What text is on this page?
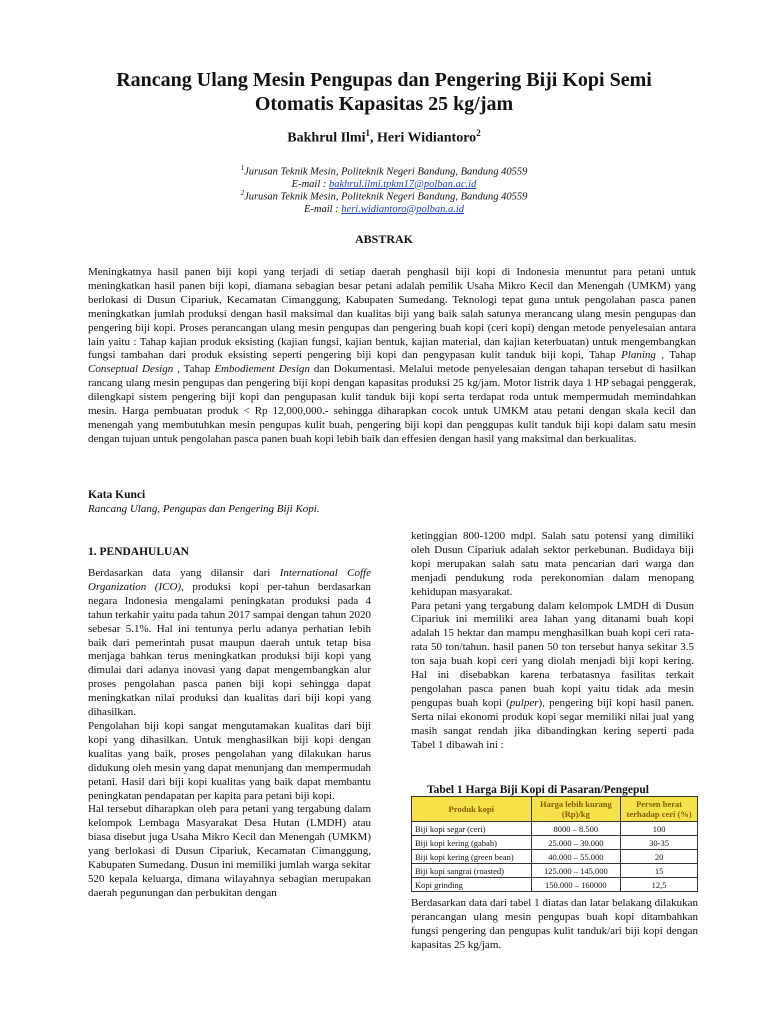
Rancang Ulang Mesin Pengupas dan Pengering Biji Kopi Semi
Otomatis Kapasitas 25 kg/jam
Bakhrul Ilmi$^1$, Heri Widiantoro$^2$
$^1$Jurusan Teknik Mesin, Politeknik Negeri Bandung, Bandung 40559
E-mail : bakhrul.ilmi.tpkm17@polban.ac.id
$^2$Jurusan Teknik Mesin, Politeknik Negeri Bandung, Bandung 40559
E-mail : heri.widiantoro@polban.a.id
ABSTRAK
Meningkatnya hasil panen biji kopi yang terjadi di setiap daerah penghasil biji kopi di Indonesia menuntut para petani untuk meningkatkan hasil panen biji kopi, diamana sebagian besar petani adalah pemilik Usaha Mikro Kecil dan Menengah (UMKM) yang berlokasi di Dusun Cipariuk, Kecamatan Cimanggung, Kabupaten Sumedang. Teknologi tepat guna untuk pengolahan pasca panen meningkatkan jumlah produksi dengan hasil maksimal dan kualitas biji yang baik salah satunya merancang ulang mesin pengupas dan pengering biji kopi. Proses perancangan ulang mesin pengupas dan pengering buah kopi (ceri kopi) dengan metode penyelesaian antara lain yaitu : Tahap kajian produk eksisting (kajian fungsi, kajian bentuk, kajian material, dan kajian keterbuatan) untuk mengembangkan fungsi tambahan dari produk eksisting seperti pengering biji kopi dan pengypasan kulit tanduk biji kopi, Tahap Planing , Tahap Conseptual Design , Tahap Embodiement Design dan Dokumentasi. Melalui metode penyelesaian dengan tahapan tersebut di hasilkan rancang ulang mesin pengupas dan pengering biji kopi dengan kapasitas produksi 25 kg/jam. Motor listrik daya 1 HP sebagai penggerak, dilengkapi sistem pengering biji kopi dan pengupasan kulit tanduk biji kopi serta terdapat roda untuk mempermudah memindahkan mesin. Harga pembuatan produk < Rp 12,000,000.- sehingga diharapkan cocok untuk UMKM atau petani dengan skala kecil dan menengah yang membutuhkan mesin pengupas kulit buah, pengering biji kopi dan penggupas kulit tanduk biji kopi dalam satu mesin dengan tujuan untuk pengolahan pasca panen buah kopi lebih baik dan effesien dengan hasil yang maksimal dan berkualitas.
Kata Kunci
Rancang Ulang, Pengupas dan Pengering Biji Kopi.
1. PENDAHULUAN

Berdasarkan data yang dilansir dari International Coffe Organization (ICO), produksi kopi per-tahun berdasarkan negara Indonesia mengalami peningkatan produksi pada 4 tahun terkahir yaitu pada tahun 2017 sampai dengan tahun 2020 sebesar 5.1%. Hal ini tentunya perlu adanya perhatian lebih baik dari pemerintah pusat maupun daerah untuk tetap bisa menjaga bahkan terus meningkatkan produksi biji kopi yang dimulai dari adanya inovasi yang dapat mengembangkan alur proses pengolahan pasca panen biji kopi sehingga dapat meningkatkan nilai produksi dan kualitas dari biji kopi yang dihasilkan.

Pengolahan biji kopi sangat mengutamakan kualitas dari biji kopi yang dihasilkan. Untuk menghasilkan biji kopi dengan kualitas yang baik, proses pengolahan yang dilakukan harus didukung oleh mesin yang dapat menunjang dan mempermudah petani. Hasil dari biji kopi kualitas yang baik dapat membantu peningkatan pendapatan per kapita para petani biji kopi.

Hal tersebut diharapkan oleh para petani yang tergabung dalam kelompok Lembaga Masyarakat Desa Hutan (LMDH) atau biasa disebut juga Usaha Mikro Kecil dan Menengah (UMKM) yang berlokasi di Dusun Cipariuk, Kecamatan Cimanggung, Kabupaten Sumedang. Dusun ini memiliki jumlah warga sekitar 520 kepala keluarga, dimana wilayahnya sebagian merupakan daerah pegunungan dan perbukitan dengan

ketinggian 800-1200 mdpl. Salah satu potensi yang dimiliki oleh Dusun Cipariuk adalah sektor perkebunan. Budidaya biji kopi merupakan salah satu mata pencarian dari warga dan menjadi pendukung roda perekonomian dalam menopang kehidupan masyarakat.

Para petani yang tergabung dalam kelompok LMDH di Dusun Cipariuk ini memiliki area lahan yang ditanami buah kopi adalah 15 hektar dan mampu menghasilkan buah kopi ceri rata-rata 50 ton/tahun. hasil panen 50 ton tersebut hanya sekitar 3.5 ton saja buah kopi ceri yang diolah menjadi biji kopi kering. Hal ini disebabkan karena terbatasnya fasilitas terkait pengolahan pasca panen buah kopi yaitu tidak ada mesin pengupas buah kopi (pulper), pengering biji kopi hasil panen. Serta nilai ekonomi produk kopi segar memiliki nilai jual yang masih sangat rendah jika dibandingkan kering seperti pada Tabel 1 dibawah ini :

Tabel 1 Harga Biji Kopi di Pasaran/Pengepul
Produk kopi	Harga lebih kurang (Rp)/kg	Persen berat terhadap ceri (%)
Biji kopi segar (ceri)	8000 – 8.500	100
Biji kopi kering (gabah)	25.000 – 30.000	30-35
Biji kopi kering (green bean)	40.000 – 55.000	20
Biji kopi sangrai (roasted)	125.000 – 145.000	15
Kopi grinding	150.000 – 160000	12,5

Berdasarkan data dari tabel 1 diatas dan latar belakang dilakukan perancangan ulang mesin pengupas buah kopi ditambahkan fungsi pengering dan pengupas kulit tanduk/ari biji kopi dengan kapasitas 25 kg/jam.
